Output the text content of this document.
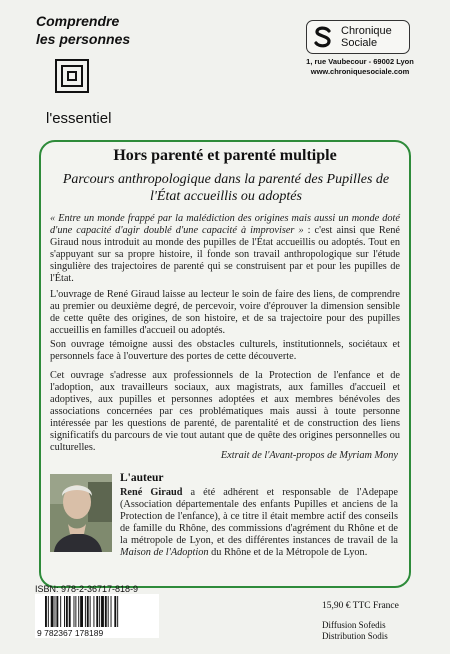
Comprendre
les personnes
l'essentiel
Chronique
Sociale
1, rue Vaubecour - 69002 Lyon
www.chroniquesociale.com
Hors parenté et parenté multiple
Parcours anthropologique dans la parenté des Pupilles de l'État accueillis ou adoptés
« Entre un monde frappé par la malédiction des origines mais aussi un monde doté d'une capacité d'agir doublé d'une capacité à improviser » : c'est ainsi que René Giraud nous introduit au monde des pupilles de l'État accueillis ou adoptés. Tout en s'appuyant sur sa propre histoire, il fonde son travail anthropologique sur l'étude singulière des trajectoires de parenté qui se construisent par et pour les pupilles de l'État.
L'ouvrage de René Giraud laisse au lecteur le soin de faire des liens, de comprendre au premier ou deuxième degré, de percevoir, voire d'éprouver la dimension sensible de cette quête des origines, de son histoire, et de sa trajectoire pour des pupilles accueillis en familles d'accueil ou adoptés.
Son ouvrage témoigne aussi des obstacles culturels, institutionnels, sociétaux et personnels face à l'ouverture des portes de cette découverte.
Cet ouvrage s'adresse aux professionnels de la Protection de l'enfance et de l'adoption, aux travailleurs sociaux, aux magistrats, aux familles d'accueil et adoptives, aux pupilles et personnes adoptées et aux membres bénévoles des associations concernées par ces problématiques mais aussi à toute personne intéressée par les questions de parenté, de parentalité et de construction des liens significatifs du parcours de vie tout autant que de quête des origines personnelles ou culturelles.
Extrait de l'Avant-propos de Myriam Mony
L'auteur
René Giraud a été adhérent et responsable de l'Adepape (Association départementale des enfants Pupilles et anciens de la Protection de l'enfance), à ce titre il était membre actif des conseils de famille du Rhône, des commissions d'agrément du Rhône et de la métropole de Lyon, et des différentes instances de travail de la Maison de l'Adoption du Rhône et de la Métropole de Lyon.
ISBN: 978-2-36717-818-9
9 782367 178189
15,90 € TTC France
Diffusion Sofedis
Distribution Sodis
